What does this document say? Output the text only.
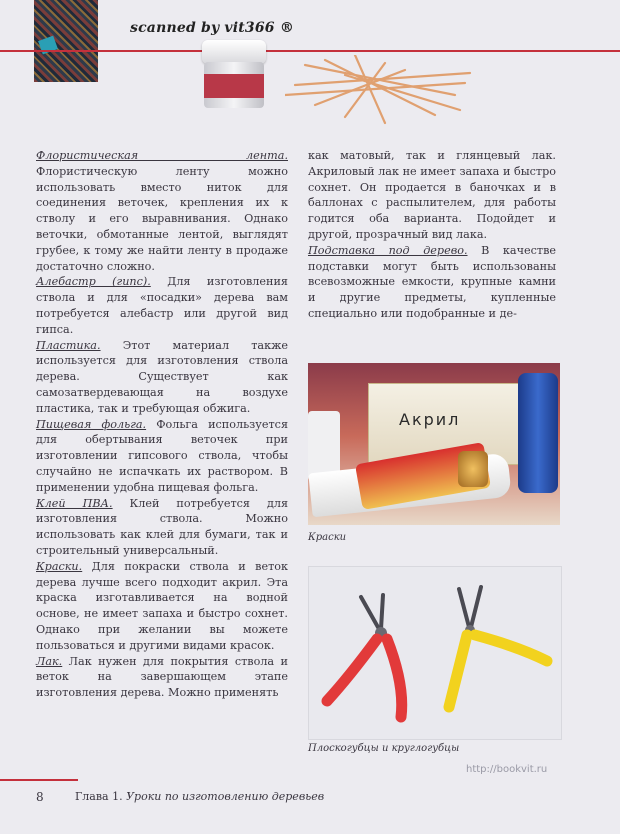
scanned by vit366 ®

Флористическая лента. Флористическую ленту можно использовать вместо ниток для соединения веточек, крепления их к стволу и его выравнивания. Однако веточки, обмотанные лентой, выглядят грубее, к тому же найти ленту в продаже достаточно сложно.

Алебастр (гипс). Для изготовления ствола и для «посадки» дерева вам потребуется алебастр или другой вид гипса.

Пластика. Этот материал также используется для изготовления ствола дерева. Существует как самозатвердевающая на воздухе пластика, так и требующая обжига.

Пищевая фольга. Фольга используется для обертывания веточек при изготовлении гипсового ствола, чтобы случайно не испачкать их раствором. В применении удобна пищевая фольга.

Клей ПВА. Клей потребуется для изготовления ствола. Можно использовать как клей для бумаги, так и строительный универсальный.

Краски. Для покраски ствола и веток дерева лучше всего подходит акрил. Эта краска изготавливается на водной основе, не имеет запаха и быстро сохнет. Однако при желании вы можете пользоваться и другими видами красок.

Лак. Лак нужен для покрытия ствола и веток на завершающем этапе изготовления дерева. Можно применять

как матовый, так и глянцевый лак. Акриловый лак не имеет запаха и быстро сохнет. Он продается в баночках и в баллонах с распылителем, для работы годится оба варианта. Подойдет и другой, прозрачный вид лака.

Подставка под дерево. В качестве подставки могут быть использованы всевозможные емкости, крупные камни и другие предметы, купленные специально или подобранные и де-

Акрил
Краски
Плоскогубцы и круглогубцы
http://bookvit.ru
8	Глава 1. Уроки по изготовлению деревьев
